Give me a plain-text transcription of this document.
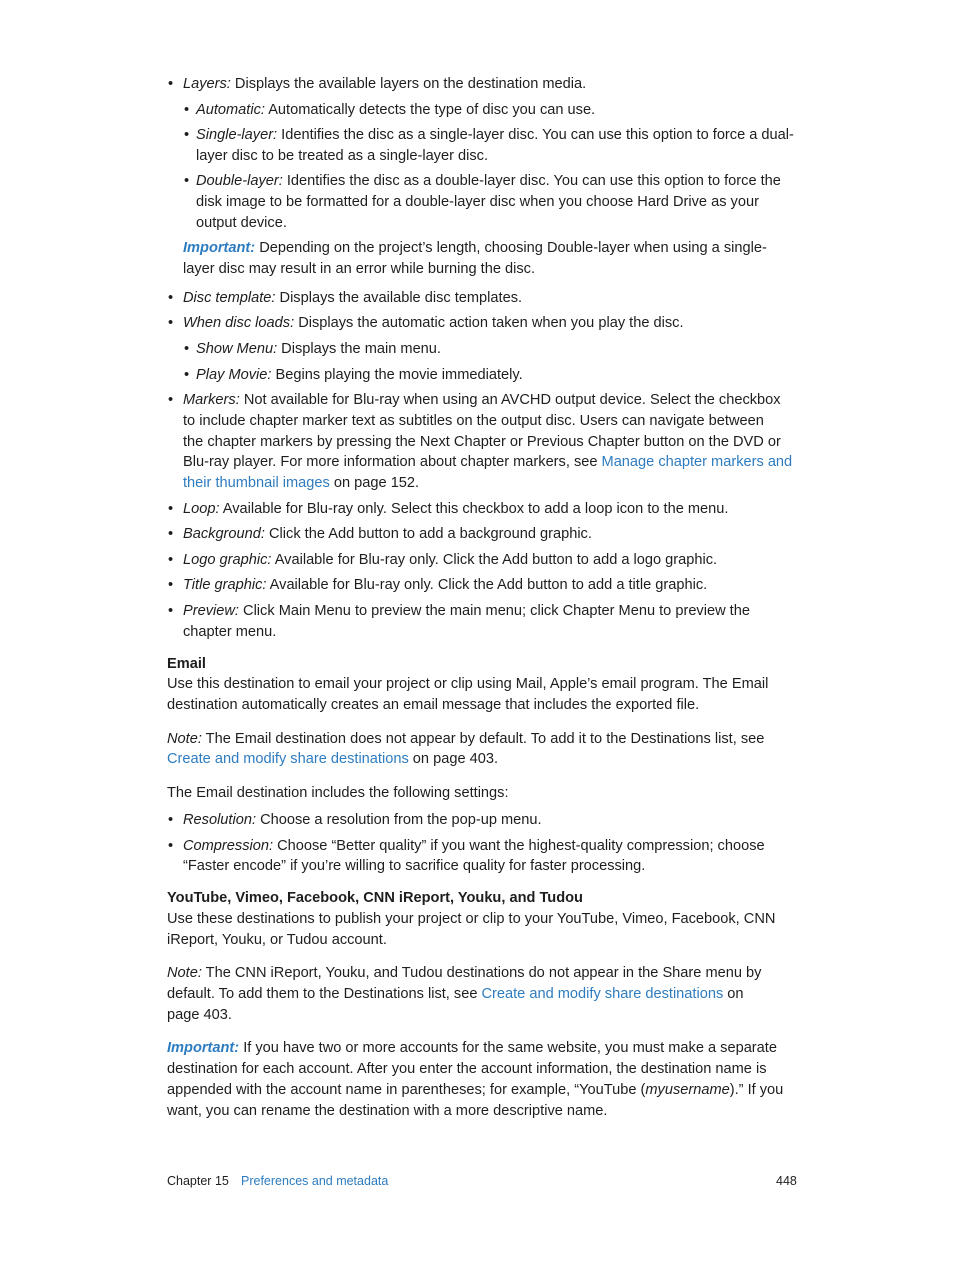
• Layers: Displays the available layers on the destination media.
• Automatic: Automatically detects the type of disc you can use.
• Single-layer: Identifies the disc as a single-layer disc. You can use this option to force a dual-
layer disc to be treated as a single-layer disc.
• Double-layer: Identifies the disc as a double-layer disc. You can use this option to force the
disk image to be formatted for a double-layer disc when you choose Hard Drive as your
output device.
Important: Depending on the project’s length, choosing Double-layer when using a single-
layer disc may result in an error while burning the disc.
• Disc template: Displays the available disc templates.
• When disc loads: Displays the automatic action taken when you play the disc.
• Show Menu: Displays the main menu.
• Play Movie: Begins playing the movie immediately.
• Markers: Not available for Blu-ray when using an AVCHD output device. Select the checkbox
to include chapter marker text as subtitles on the output disc. Users can navigate between
the chapter markers by pressing the Next Chapter or Previous Chapter button on the DVD or
Blu-ray player. For more information about chapter markers, see Manage chapter markers and
their thumbnail images on page 152.
• Loop: Available for Blu-ray only. Select this checkbox to add a loop icon to the menu.
• Background: Click the Add button to add a background graphic.
• Logo graphic: Available for Blu-ray only. Click the Add button to add a logo graphic.
• Title graphic: Available for Blu-ray only. Click the Add button to add a title graphic.
• Preview: Click Main Menu to preview the main menu; click Chapter Menu to preview the
chapter menu.
Email
Use this destination to email your project or clip using Mail, Apple’s email program. The Email
destination automatically creates an email message that includes the exported file.
Note: The Email destination does not appear by default. To add it to the Destinations list, see
Create and modify share destinations on page 403.
The Email destination includes the following settings:
• Resolution: Choose a resolution from the pop-up menu.
• Compression: Choose “Better quality” if you want the highest-quality compression; choose
“Faster encode” if you’re willing to sacrifice quality for faster processing.
YouTube, Vimeo, Facebook, CNN iReport, Youku, and Tudou
Use these destinations to publish your project or clip to your YouTube, Vimeo, Facebook, CNN
iReport, Youku, or Tudou account.
Note: The CNN iReport, Youku, and Tudou destinations do not appear in the Share menu by
default. To add them to the Destinations list, see Create and modify share destinations on
page 403.
Important: If you have two or more accounts for the same website, you must make a separate
destination for each account. After you enter the account information, the destination name is
appended with the account name in parentheses; for example, “YouTube (myusername).” If you
want, you can rename the destination with a more descriptive name.
Chapter 15 Preferences and metadata	448
